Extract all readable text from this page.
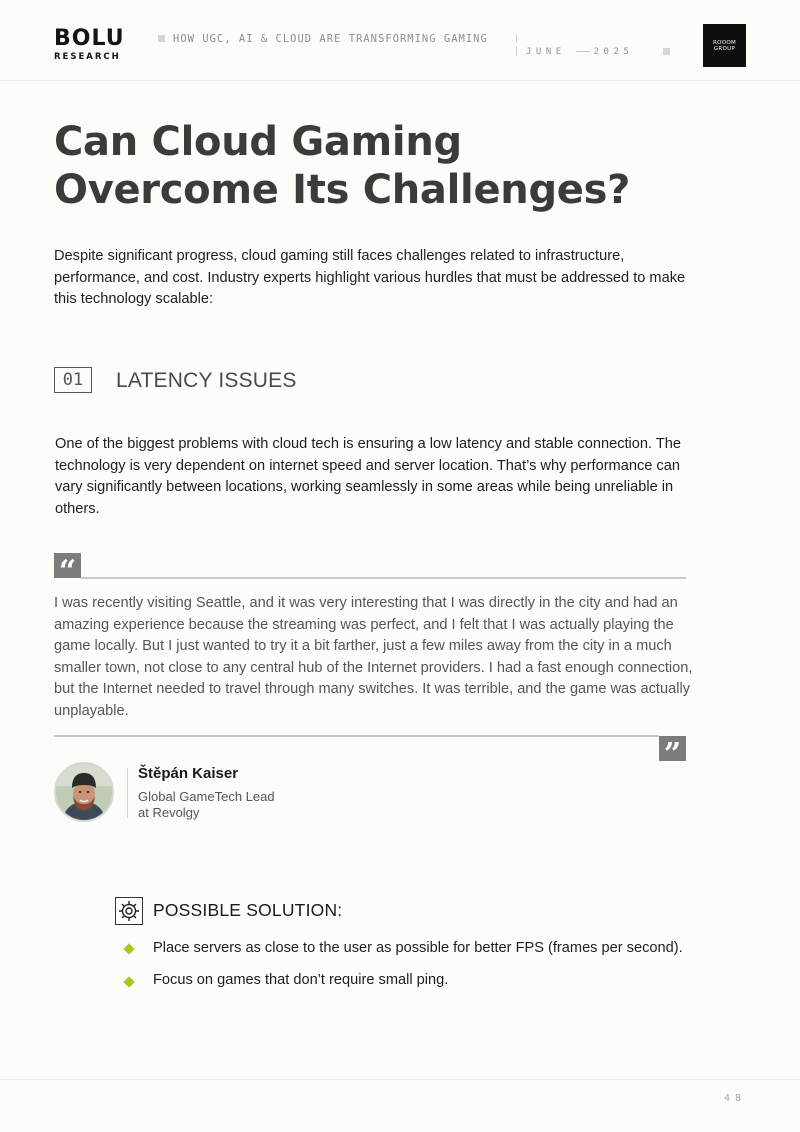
BOLU
RESEARCH
HOW UGC, AI & CLOUD ARE TRANSFORMING GAMING
JUNE	2025
ROOOM
GROUP
Can Cloud Gaming
Overcome Its Challenges?
Despite significant progress, cloud gaming still faces challenges related to infrastructure, performance, and cost. Industry experts highlight various hurdles that must be addressed to make this technology scalable:
01	LATENCY ISSUES
One of the biggest problems with cloud tech is ensuring a low latency and stable connection. The technology is very dependent on internet speed and server location. That’s why performance can vary significantly between locations, working seamlessly in some areas while being unreliable in others.
“
I was recently visiting Seattle, and it was very interesting that I was directly in the city and had an amazing experience because the streaming was perfect, and I felt that I was actually playing the game locally. But I just wanted to try it a bit farther, just a few miles away from the city in a much smaller town, not close to any central hub of the Internet providers. I had a fast enough connection, but the Internet needed to travel through many switches. It was terrible, and the game was actually unplayable.
”
Štěpán Kaiser
Global GameTech Lead
at Revolgy
POSSIBLE SOLUTION:
Place servers as close to the user as possible for better FPS (frames per second).
Focus on games that don’t require small ping.
48
